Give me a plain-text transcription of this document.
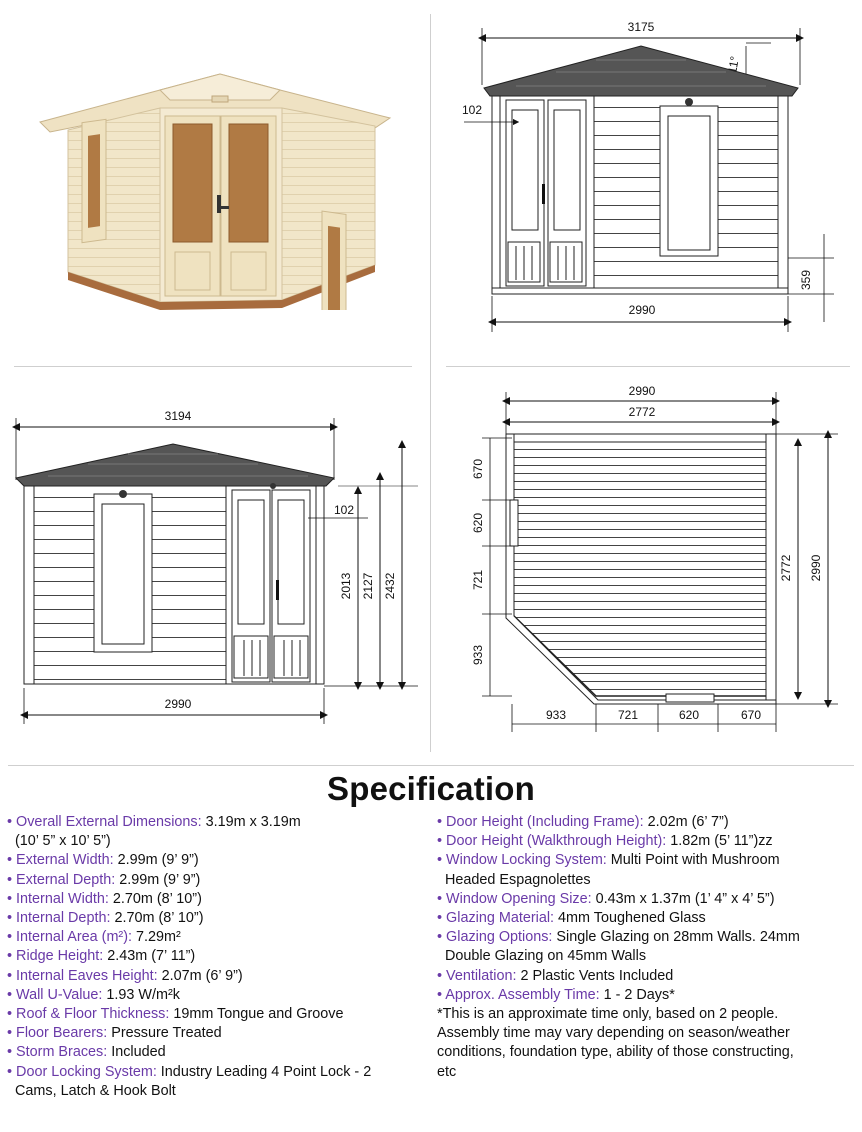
3175
11°
102
359
2990
3194
102
2013 2127 2432
2990
2990
2772
670
620
721
933
933	721	620	670
2772 2990
Specification
• Overall External Dimensions: 3.19m x 3.19m
(10’ 5” x 10’ 5”)
• External Width: 2.99m (9’ 9”)
• External Depth: 2.99m (9’ 9”)
• Internal Width: 2.70m (8’ 10”)
• Internal Depth: 2.70m (8’ 10”)
• Internal Area (m²): 7.29m²
• Ridge Height: 2.43m (7’ 11”)
• Internal Eaves Height: 2.07m (6’ 9”)
• Wall U-Value: 1.93 W/m²k
• Roof & Floor Thickness: 19mm Tongue and Groove
• Floor Bearers: Pressure Treated
• Storm Braces: Included
• Door Locking System: Industry Leading 4 Point Lock - 2
Cams, Latch & Hook Bolt
• Door Height (Including Frame): 2.02m (6’ 7”)
• Door Height (Walkthrough Height): 1.82m (5’ 11”)zz
• Window Locking System: Multi Point with Mushroom
Headed Espagnolettes
• Window Opening Size: 0.43m x 1.37m (1’ 4” x 4’ 5”)
• Glazing Material: 4mm Toughened Glass
• Glazing Options: Single Glazing on 28mm Walls. 24mm
Double Glazing on 45mm Walls
• Ventilation: 2 Plastic Vents Included
• Approx. Assembly Time: 1 - 2 Days*
*This is an approximate time only, based on 2 people.
Assembly time may vary depending on season/weather
conditions, foundation type, ability of those constructing,
etc
